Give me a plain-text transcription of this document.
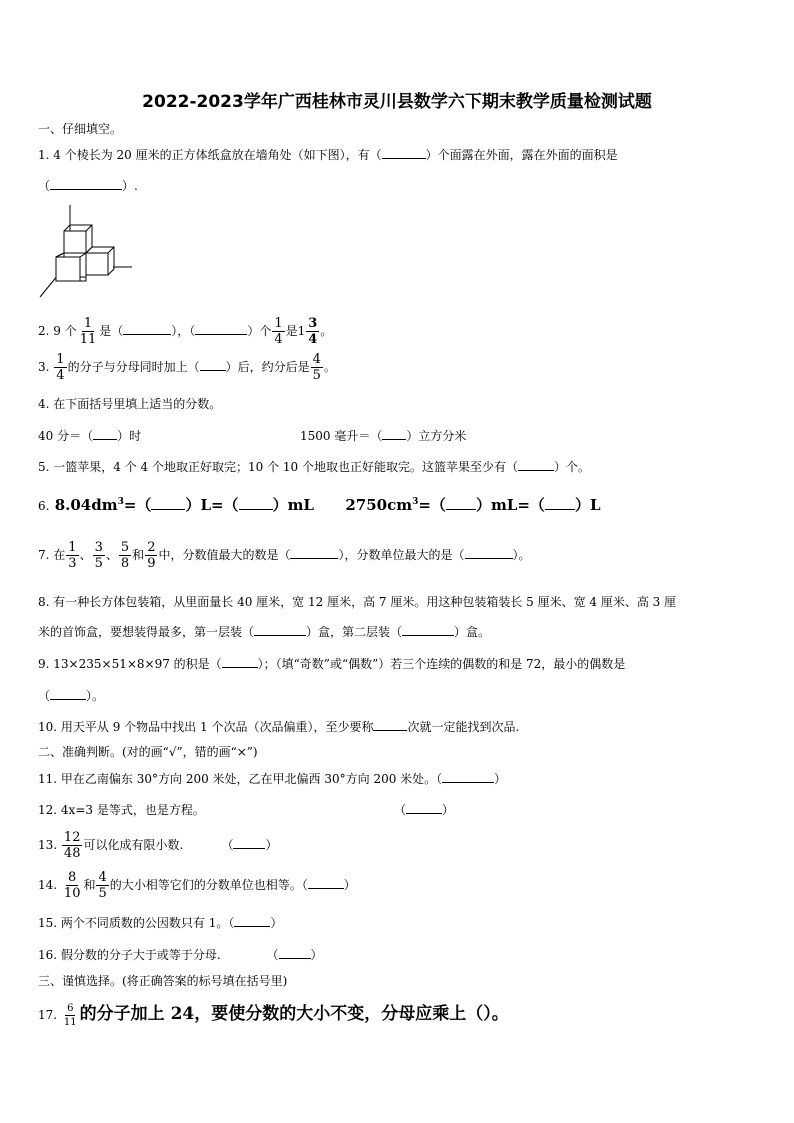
2022-2023学年广西桂林市灵川县数学六下期末教学质量检测试题
一、仔细填空。
1. 4 个棱长为 20 厘米的正方体纸盒放在墙角处（如下图），有（	）个面露在外面，露在外面的面积是
（	）.
2. 9 个 $\frac{1}{11}$ 是（	），（	）个 $\frac{1}{4}$ 是$1 \frac{3}{4}$ 。
3. $\frac{1}{4}$ 的分子与分母同时加上（ ）后，约分后是 $\frac{4}{5}$ 。
4. 在下面括号里填上适当的分数。
40 分＝（ ）时	1500 毫升＝（ ）立方分米
5. 一篮苹果，4 个 4 个地取正好取完；10 个 10 个地取也正好能取完。这篮苹果至少有（	）个。
6. $8.04dm^3=$（ ）L=（ ）mL $2750cm^3=$（ ）mL=（ ）L
7. 在 $\frac{1}{3}$ 、 $\frac{3}{5}$ 、 $\frac{5}{8}$ 和 $\frac{2}{9}$ 中，分数值最大的数是（	），分数单位最大的是（	）。
8. 有一种长方体包装箱，从里面量长 40 厘米，宽 12 厘米，高 7 厘米。用这种包装箱装长 5 厘米、宽 4 厘米、高 3 厘
米的首饰盒，要想装得最多，第一层装（	）盒，第二层装（	）盒。
9. 13×235×51×8×97 的积是（	）；（填“奇数”或“偶数”）若三个连续的偶数的和是 72，最小的偶数是
（	）。
10. 用天平从 9 个物品中找出 1 个次品（次品偏重），至少要称	次就一定能找到次品.
二、准确判断。(对的画“√”，错的画“×”)
11. 甲在乙南偏东 30°方向 200 米处，乙在甲北偏西 30°方向 200 米处。（	）
12. 4x=3 是等式，也是方程。	（	）
13. $\frac{12}{48}$ 可以化成有限小数.	（	）
14. $\frac{8}{10}$ 和 $\frac{4}{5}$ 的大小相等它们的分数单位也相等。（	）
15. 两个不同质数的公因数只有 1。（	）
16. 假分数的分子大于或等于分母.	（	）
三、谨慎选择。(将正确答案的标号填在括号里)
17. $\frac{6}{11}$ 的分子加上 24，要使分数的大小不变，分母应乘上（）。
